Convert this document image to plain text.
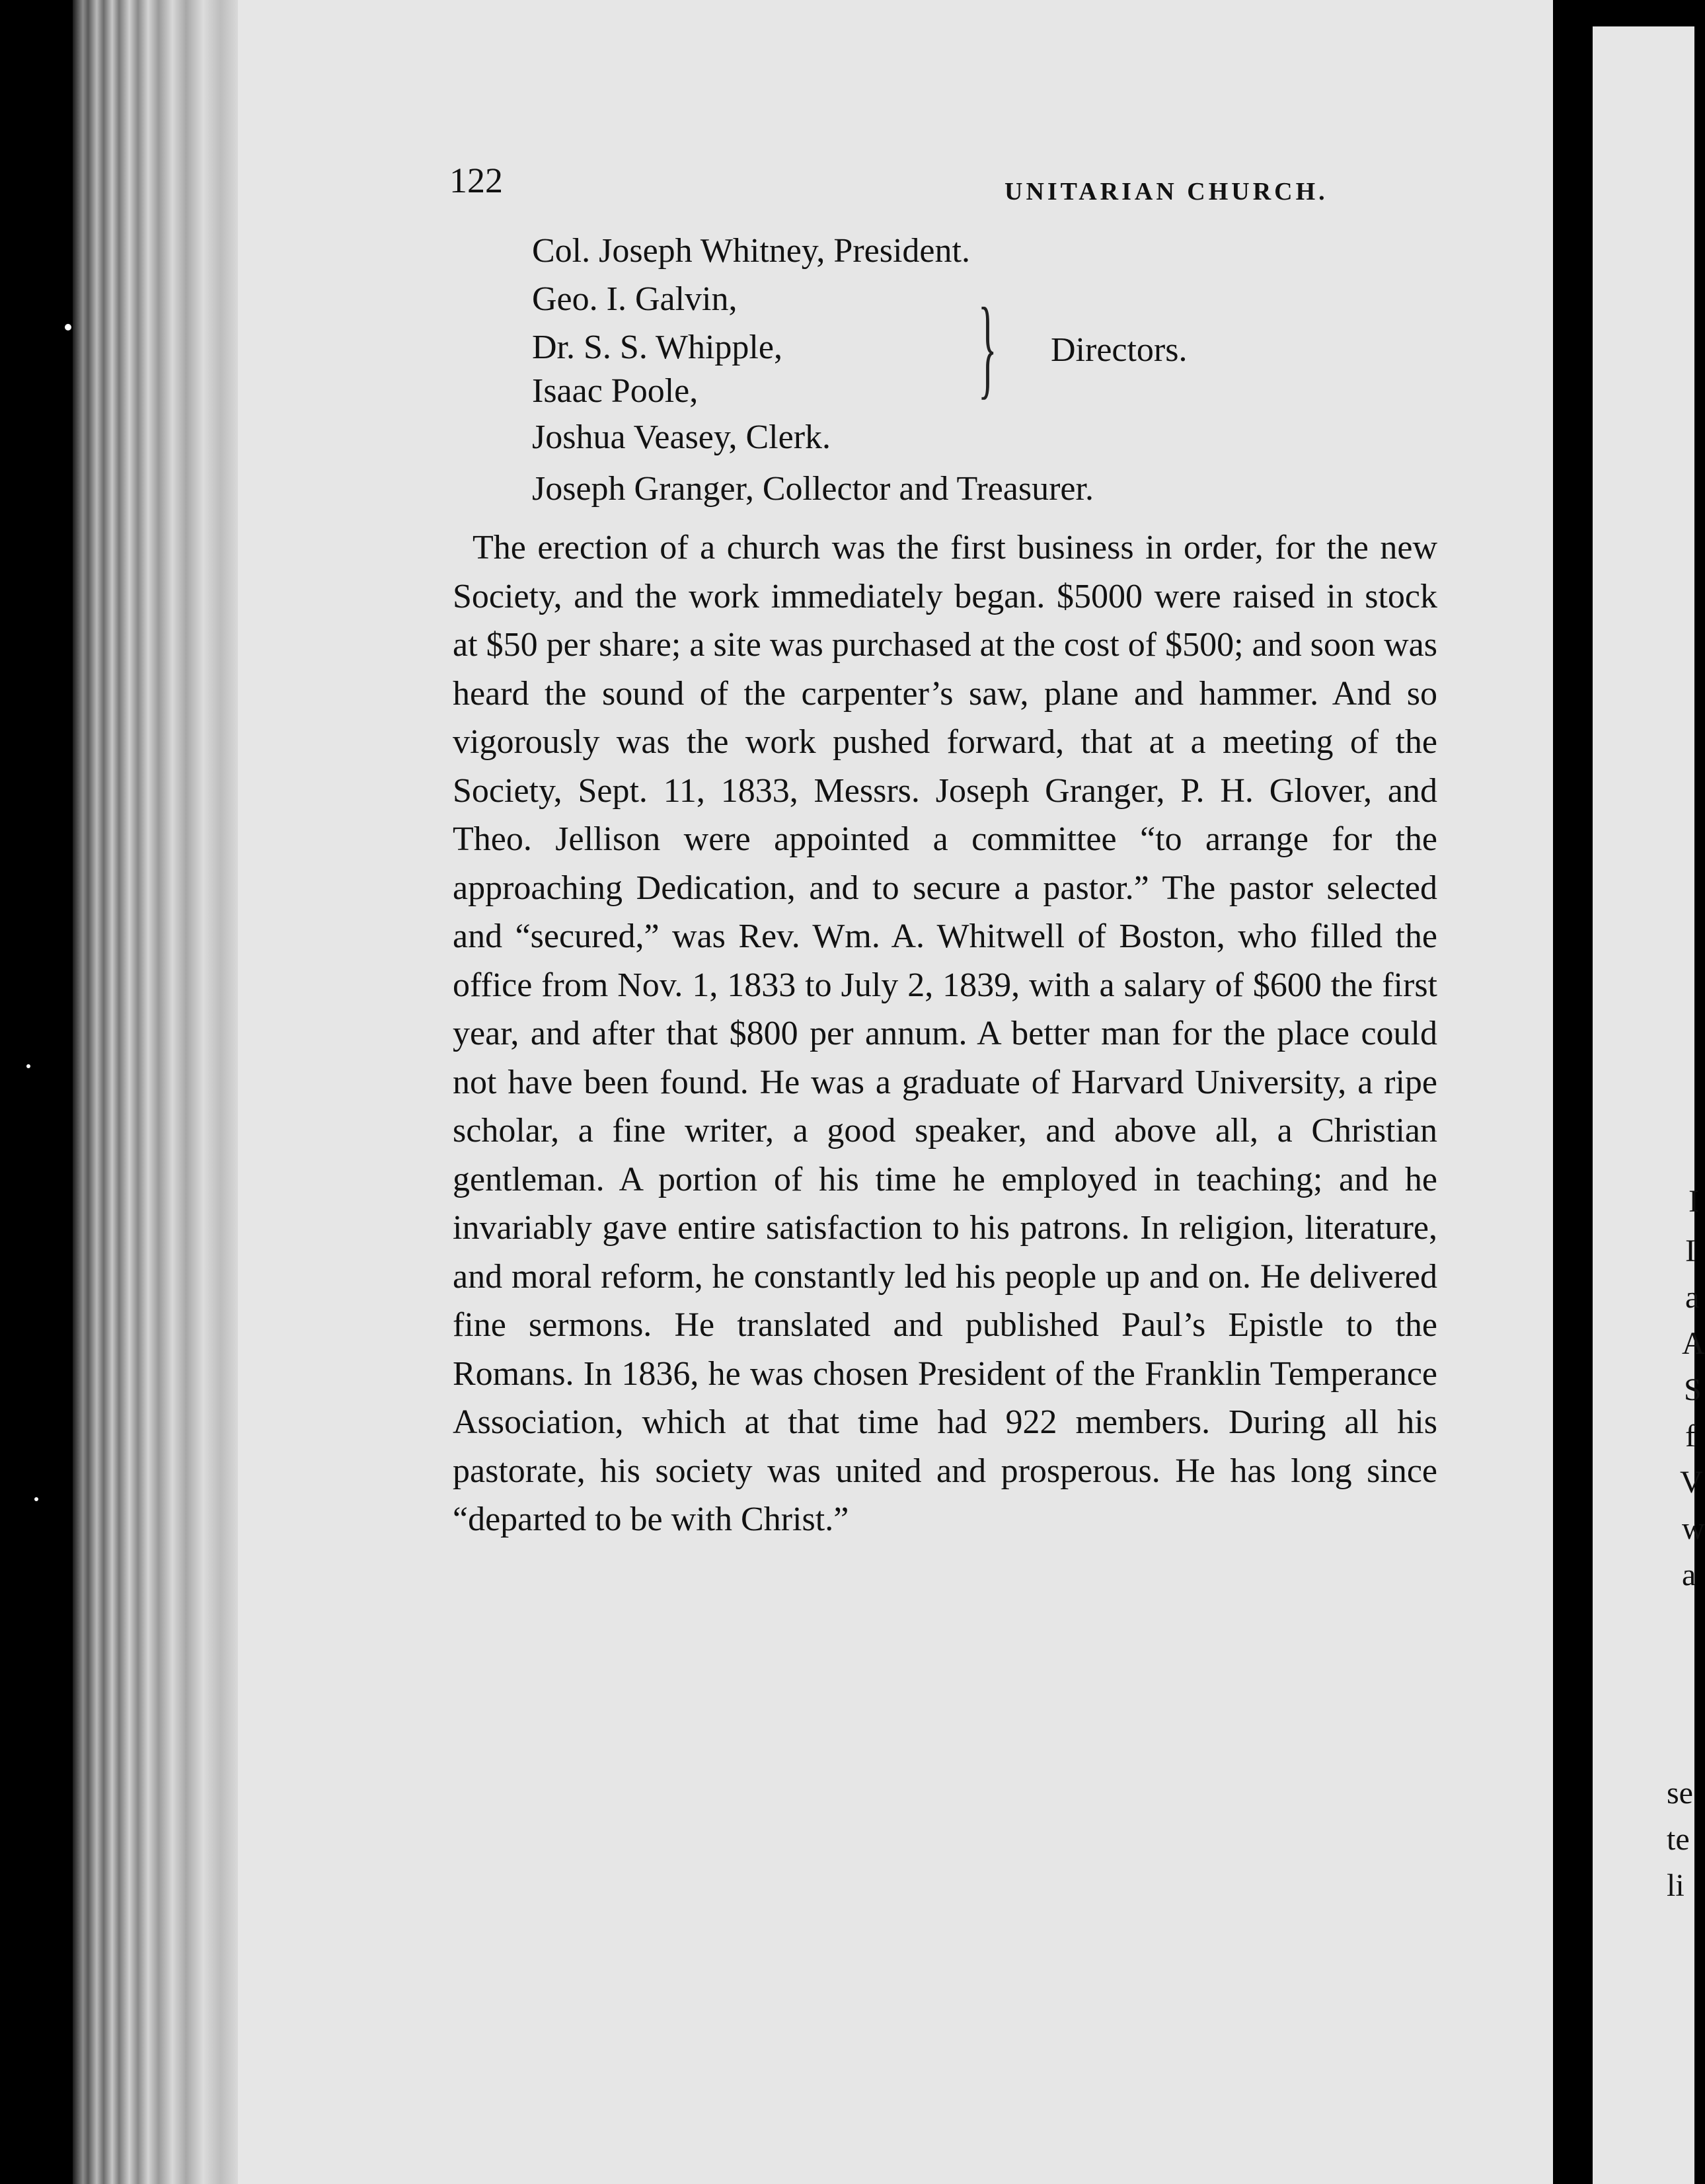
122	UNITARIAN CHURCH.
Col. Joseph Whitney, President.
Geo. I. Galvin,
Dr. S. S. Whipple,
Isaac Poole, } Directors.
Joshua Veasey, Clerk.
Joseph Granger, Collector and Treasurer.

The erection of a church was the first business in order, for the new Society, and the work immediately began. $5000 were raised in stock at $50 per share; a site was purchased at the cost of $500; and soon was heard the sound of the carpenter’s saw, plane and hammer. And so vigorously was the work pushed forward, that at a meeting of the Society, Sept. 11, 1833, Messrs. Joseph Granger, P. H. Glover, and Theo. Jellison were appointed a committee “to arrange for the approaching Dedication, and to secure a pastor.” The pastor selected and “secured,” was Rev. Wm. A. Whitwell of Boston, who filled the office from Nov. 1, 1833 to July 2, 1839, with a salary of $600 the first year, and after that $800 per annum. A better man for the place could not have been found. He was a graduate of Harvard University, a ripe scholar, a fine writer, a good speaker, and above all, a Christian gentleman. A portion of his time he employed in teaching; and he invariably gave entire satisfaction to his patrons. In religion, literature, and moral reform, he constantly led his people up and on. He delivered fine sermons. He translated and published Paul’s Epistle to the Romans. In 1836, he was chosen President of the Franklin Temperance Association, which at that time had 922 members. During all his pastorate, his society was united and prosperous. He has long since “departed to be with Christ.”

I
I
a
A
S
f
V
w
a
se
te
li
